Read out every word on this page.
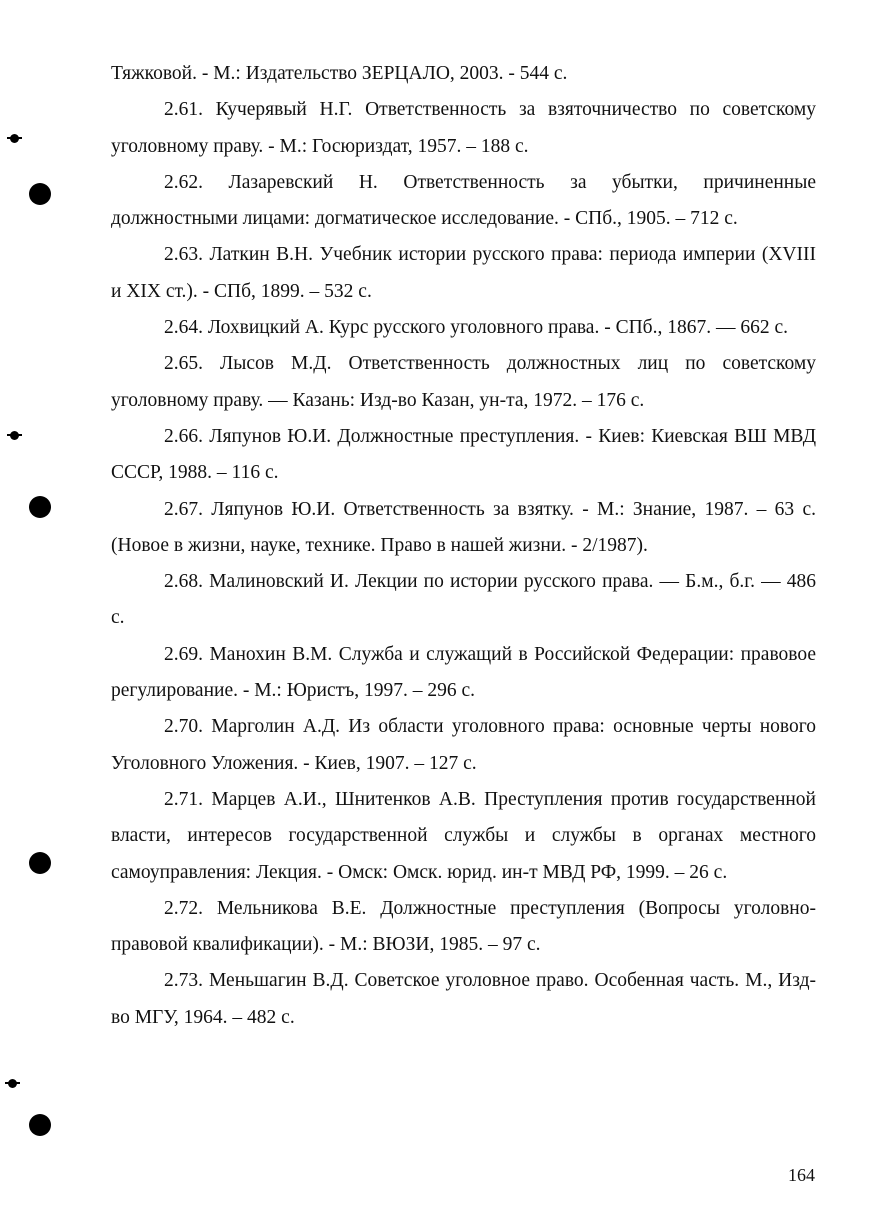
Тяжковой. - М.: Издательство ЗЕРЦАЛО, 2003. - 544 с.

2.61. Кучерявый Н.Г. Ответственность за взяточничество по советскому уголовному праву. - М.: Госюриздат, 1957. – 188 с.

2.62. Лазаревский Н. Ответственность за убытки, причиненные должностными лицами: догматическое исследование. - СПб., 1905. – 712 с.

2.63. Латкин В.Н. Учебник истории русского права: периода империи (XVIII и XIX ст.). - СПб, 1899. – 532 с.

2.64. Лохвицкий А. Курс русского уголовного права. - СПб., 1867. — 662 с.

2.65. Лысов М.Д. Ответственность должностных лиц по советскому уголовному праву. — Казань: Изд-во Казан, ун-та, 1972. – 176 с.

2.66. Ляпунов Ю.И. Должностные преступления. - Киев: Киевская ВШ МВД СССР, 1988. – 116 с.

2.67. Ляпунов Ю.И. Ответственность за взятку. - М.: Знание, 1987. – 63 с. (Новое в жизни, науке, технике. Право в нашей жизни. - 2/1987).

2.68. Малиновский И. Лекции по истории русского права. — Б.м., б.г. — 486 с.

2.69. Манохин В.М. Служба и служащий в Российской Федерации: правовое регулирование. - М.: Юристъ, 1997. – 296 с.

2.70. Марголин А.Д. Из области уголовного права: основные черты нового Уголовного Уложения. - Киев, 1907. – 127 с.

2.71. Марцев А.И., Шнитенков А.В. Преступления против государственной власти, интересов государственной службы и службы в органах местного самоуправления: Лекция. - Омск: Омск. юрид. ин-т МВД РФ, 1999. – 26 с.

2.72. Мельникова В.Е. Должностные преступления (Вопросы уголовно-правовой квалификации). - М.: ВЮЗИ, 1985. – 97 с.

2.73. Меньшагин В.Д. Советское уголовное право. Особенная часть. М., Изд-во МГУ, 1964. – 482 с.

164
